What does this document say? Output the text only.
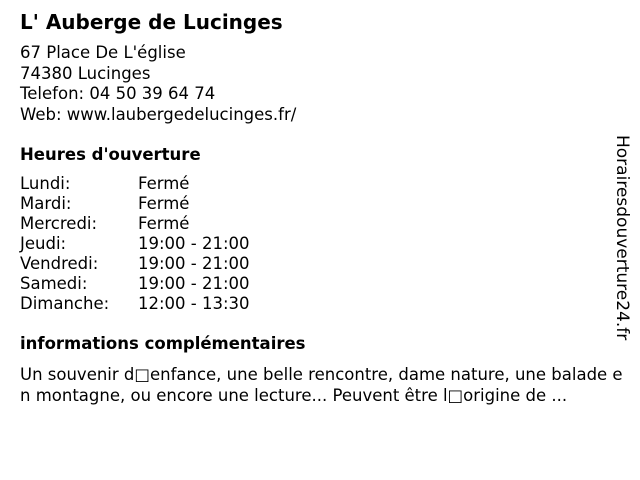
L' Auberge de Lucinges
67 Place De L'église
74380 Lucinges
Telefon: 04 50 39 64 74
Web: www.laubergedelucinges.fr/
Heures d'ouverture
Lundi:	Fermé
Mardi:	Fermé
Mercredi:	Fermé
Jeudi:	19:00 - 21:00
Vendredi:	19:00 - 21:00
Samedi:	19:00 - 21:00
Dimanche:	12:00 - 13:30
informations complémentaires
Un souvenir d□enfance, une belle rencontre, dame nature, une balade en montagne, ou encore une lecture... Peuvent être l□origine de ...
Horairesdouverture24.fr
